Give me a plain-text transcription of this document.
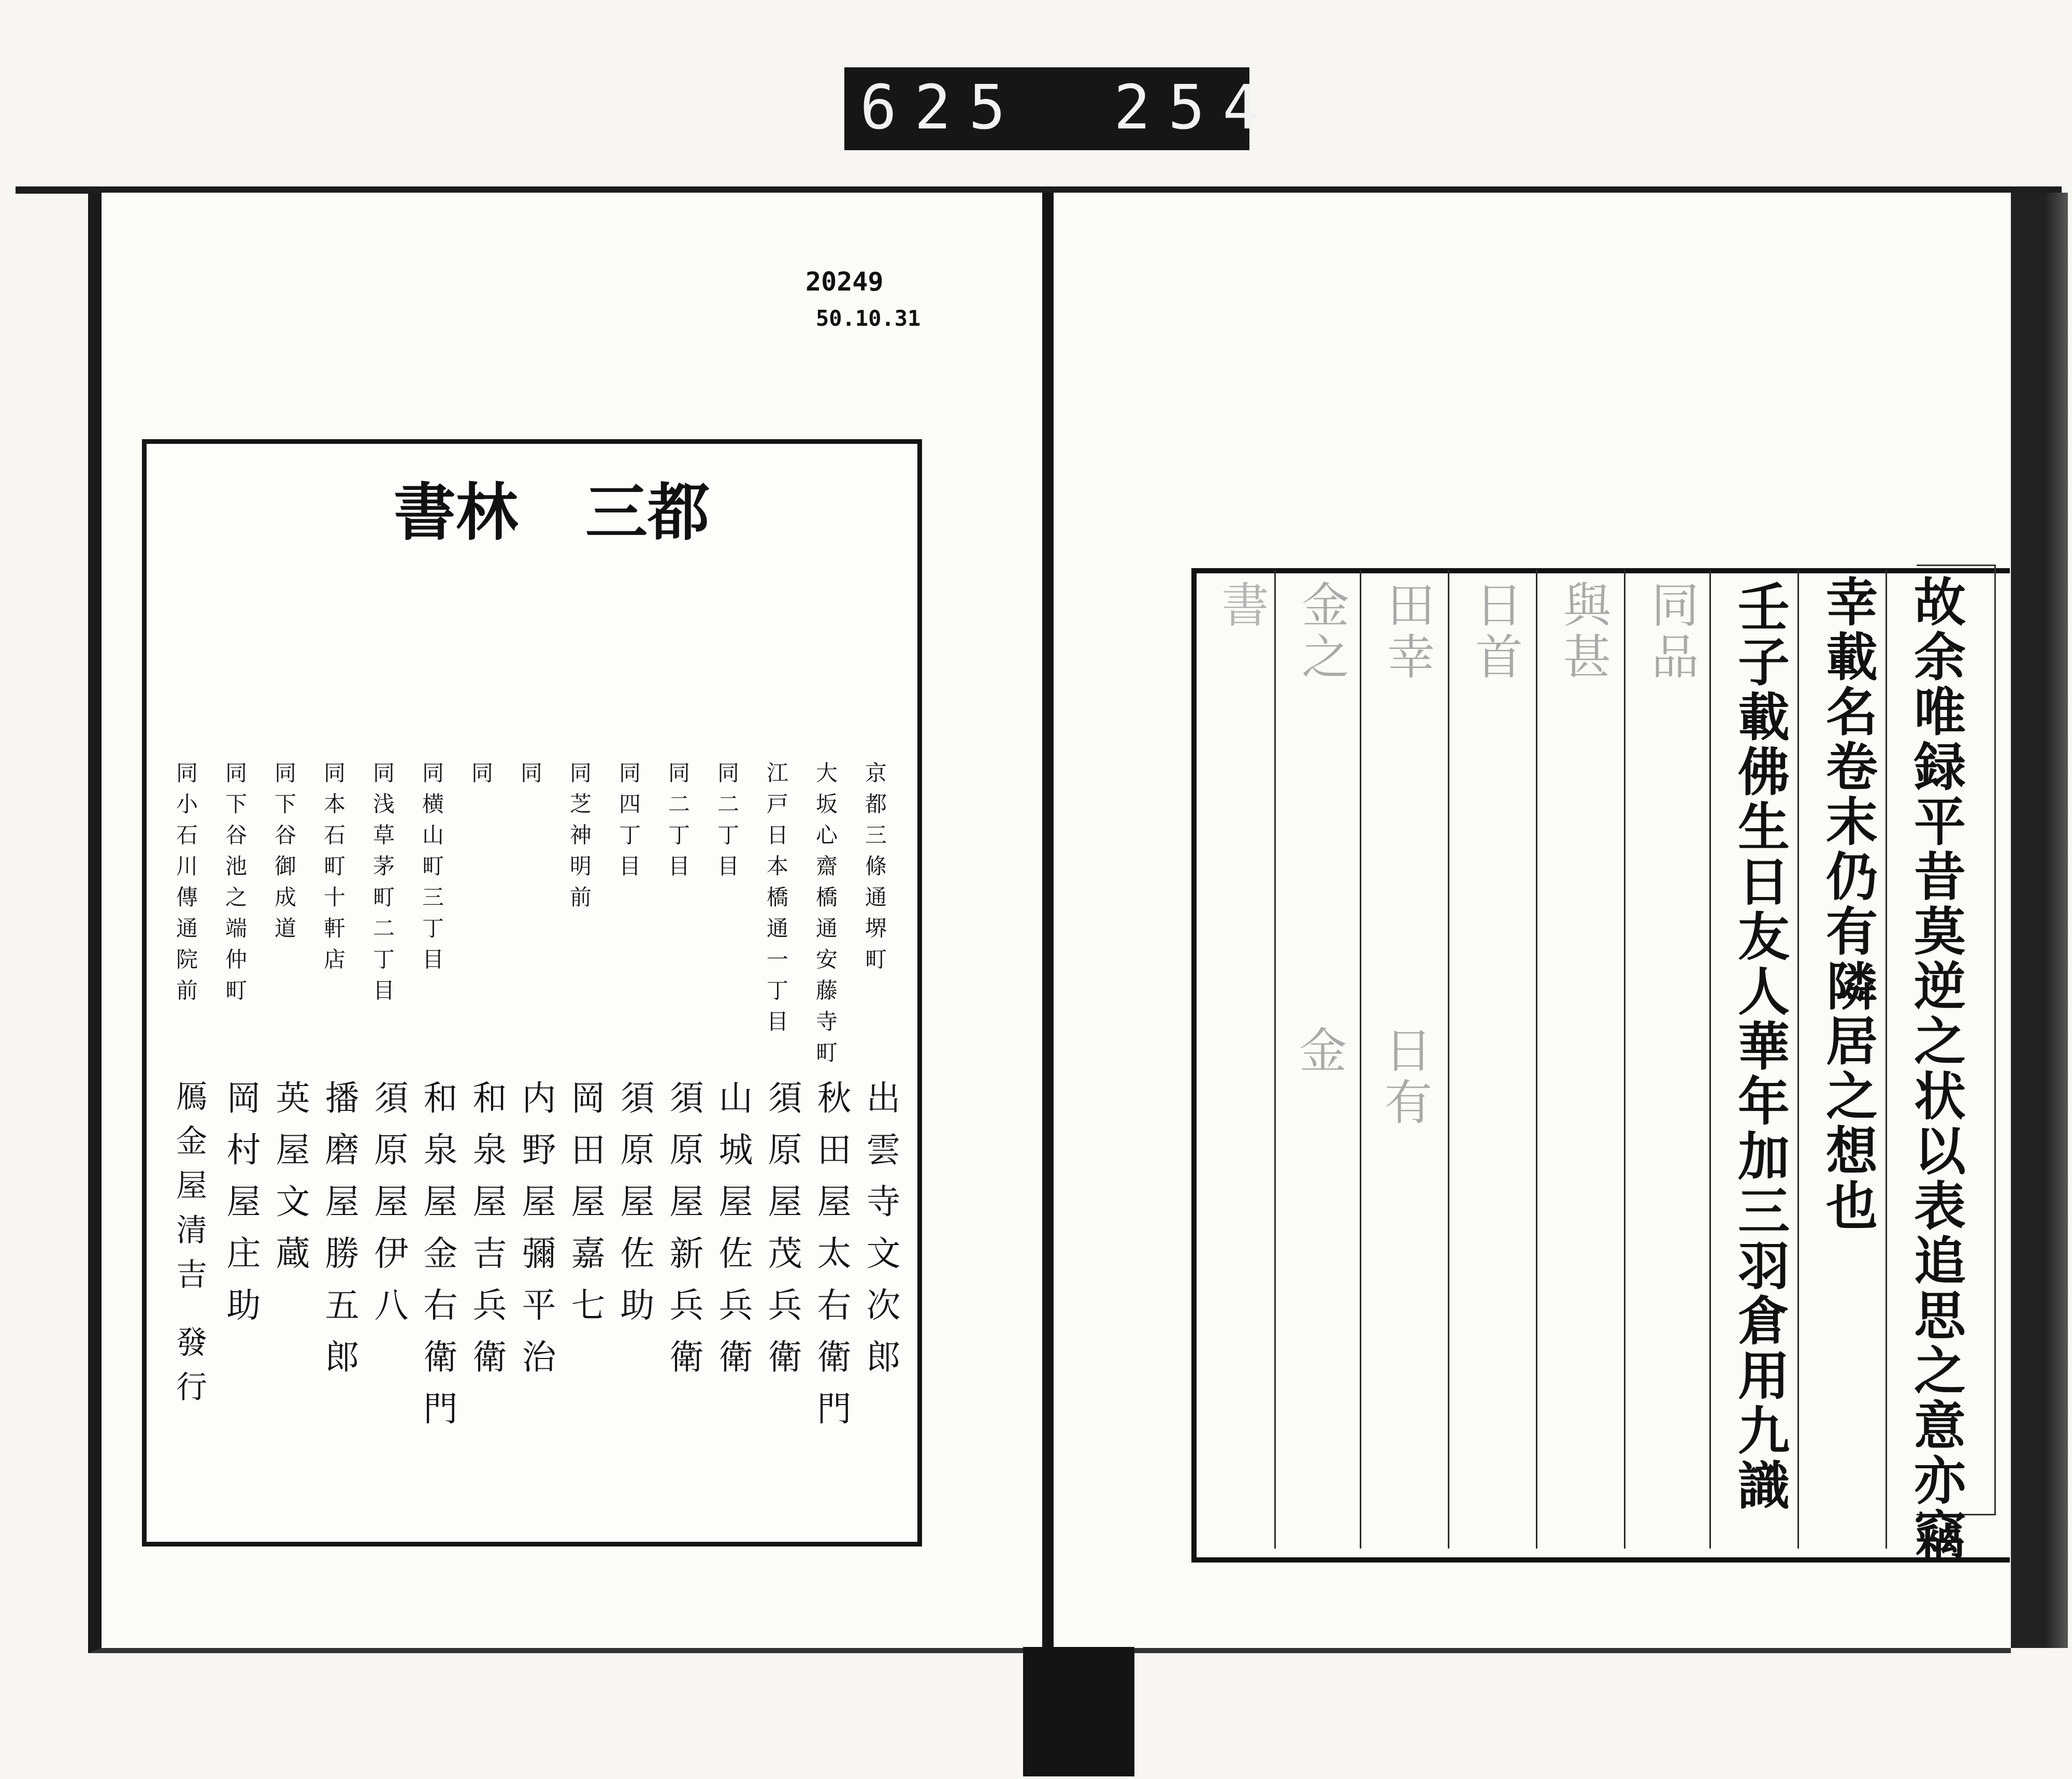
625 254
20249
50.10.31
三都
書林
京都三條通堺町
出雲寺文次郎
大坂心齋橋通安藤寺町
秋田屋太右衛門
江戸日本橋通一丁目
須原屋茂兵衛
同二丁目
山城屋佐兵衛
同二丁目
須原屋新兵衛
同四丁目
須原屋佐助
同芝神明前
岡田屋嘉七
同
内野屋彌平治
同
和泉屋吉兵衛
同横山町三丁目
和泉屋金右衛門
同浅草茅町二丁目
須原屋伊八
同本石町十軒店
播磨屋勝五郎
同下谷御成道
英屋文蔵
同下谷池之端仲町
岡村屋庄助
同小石川傳通院前
鴈金屋清吉 發行	故余唯録平昔莫逆之状以表追思之意亦竊
幸載名卷末仍有隣居之想也
壬子載佛生日友人華年加三羽倉用九識
同品
與甚
日首
田幸
金之
日有
金
書
